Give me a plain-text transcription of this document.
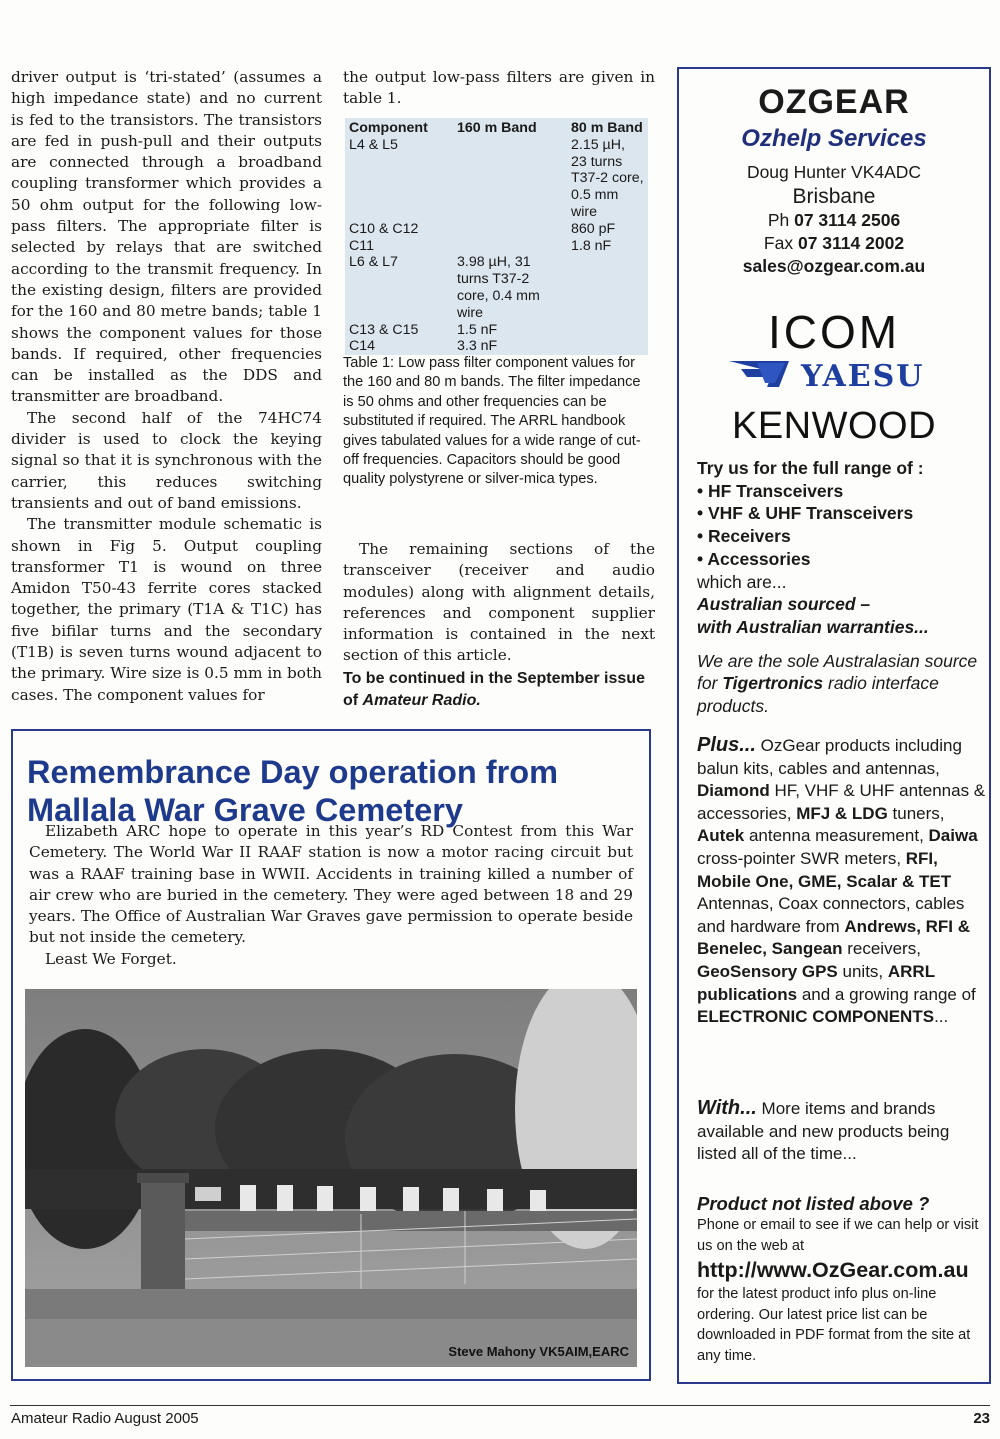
driver output is ‘tri-stated’ (assumes a high impedance state) and no current is fed to the transistors. The transistors are fed in push-pull and their outputs are connected through a broadband coupling transformer which provides a 50 ohm output for the following low-pass filters. The appropriate filter is selected by relays that are switched according to the transmit frequency. In the existing design, filters are provided for the 160 and 80 metre bands; table 1 shows the component values for those bands. If required, other frequencies can be installed as the DDS and transmitter are broadband.

The second half of the 74HC74 divider is used to clock the keying signal so that it is synchronous with the carrier, this reduces switching transients and out of band emissions.

The transmitter module schematic is shown in Fig 5. Output coupling transformer T1 is wound on three Amidon T50-43 ferrite cores stacked together, the primary (T1A & T1C) has five bifilar turns and the secondary (T1B) is seven turns wound adjacent to the primary. Wire size is 0.5 mm in both cases. The component values for

the output low-pass filters are given in table 1.

Component	160 m Band	80 m Band
L4 & L5		2.15 µH, 23 turns T37-2 core, 0.5 mm wire
C10 & C12		860 pF
C11		1.8 nF
L6 & L7	3.98 µH, 31 turns T37-2 core, 0.4 mm wire	
C13 & C15	1.5 nF	
C14	3.3 nF	
Table 1: Low pass filter component values for the 160 and 80 m bands. The filter impedance is 50 ohms and other frequencies can be substituted if required. The ARRL handbook gives tabulated values for a wide range of cut-off frequencies. Capacitors should be good quality polystyrene or silver-mica types.

The remaining sections of the transceiver (receiver and audio modules) along with alignment details, references and component supplier information is contained in the next section of this article.

To be continued in the September issue of Amateur Radio.
Remembrance Day operation from Mallala War Grave Cemetery

Elizabeth ARC hope to operate in this year’s RD Contest from this War Cemetery. The World War II RAAF station is now a motor racing circuit but was a RAAF training base in WWII. Accidents in training killed a number of air crew who are buried in the cemetery. They were aged between 18 and 29 years. The Office of Australian War Graves gave permission to operate beside but not inside the cemetery.

Least We Forget.

Steve Mahony VK5AIM,EARC
OZGEAR
Ozhelp Services
Doug Hunter VK4ADC
Brisbane
Ph 07 3114 2506
Fax 07 3114 2002
sales@ozgear.com.au
ICOM
YAESU
KENWOOD
Try us for the full range of :
• HF Transceivers
• VHF & UHF Transceivers
• Receivers
• Accessories
which are...
Australian sourced –
with Australian warranties...
We are the sole Australasian source for Tigertronics radio interface products.
Plus... OzGear products including balun kits, cables and antennas, Diamond HF, VHF & UHF antennas & accessories, MFJ & LDG tuners, Autek antenna measurement, Daiwa cross-pointer SWR meters, RFI, Mobile One, GME, Scalar & TET Antennas, Coax connectors, cables and hardware from Andrews, RFI & Benelec, Sangean receivers, GeoSensory GPS units, ARRL publications and a growing range of ELECTRONIC COMPONENTS...
With... More items and brands available and new products being listed all of the time...
Product not listed above ?
Phone or email to see if we can help or visit us on the web at
http://www.OzGear.com.au
for the latest product info plus on-line ordering. Our latest price list can be downloaded in PDF format from the site at any time.
Amateur Radio August 2005	23
